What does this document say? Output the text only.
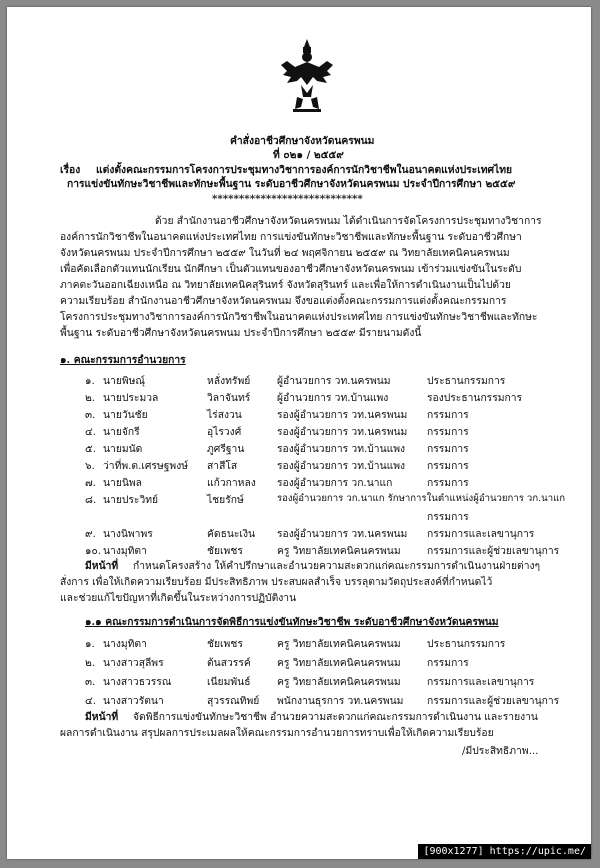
คำสั่งอาชีวศึกษาจังหวัดนครพนม
ที่ ๐๒๑ / ๒๕๕๙
เรื่อง แต่งตั้งคณะกรรมการโครงการประชุมทางวิชาการองค์การนักวิชาชีพในอนาคตแห่งประเทศไทย
การแข่งขันทักษะวิชาชีพและทักษะพื้นฐาน ระดับอาชีวศึกษาจังหวัดนครพนม ประจำปีการศึกษา ๒๕๕๙
****************************
ด้วย สำนักงานอาชีวศึกษาจังหวัดนครพนม ได้ดำเนินการจัดโครงการประชุมทางวิชาการ
องค์การนักวิชาชีพในอนาคตแห่งประเทศไทย การแข่งขันทักษะวิชาชีพและทักษะพื้นฐาน ระดับอาชีวศึกษา
จังหวัดนครพนม ประจำปีการศึกษา ๒๕๕๙ ในวันที่ ๒๔ พฤศจิกายน ๒๕๕๙ ณ วิทยาลัยเทคนิคนครพนม
เพื่อคัดเลือกตัวแทนนักเรียน นักศึกษา เป็นตัวแทนของอาชีวศึกษาจังหวัดนครพนม เข้าร่วมแข่งขันในระดับ
ภาคตะวันออกเฉียงเหนือ ณ วิทยาลัยเทคนิคสุรินทร์ จังหวัดสุรินทร์ และเพื่อให้การดำเนินงานเป็นไปด้วย
ความเรียบร้อย สำนักงานอาชีวศึกษาจังหวัดนครพนม จึงขอแต่งตั้งคณะกรรมการแต่งตั้งคณะกรรมการ
โครงการประชุมทางวิชาการองค์การนักวิชาชีพในอนาคตแห่งประเทศไทย การแข่งขันทักษะวิชาชีพและทักษะ
พื้นฐาน ระดับอาชีวศึกษาจังหวัดนครพนม ประจำปีการศึกษา ๒๕๕๙ มีรายนามดังนี้
๑. คณะกรรมการอำนวยการ
๑. นายพิษณุ์	หลั่งทรัพย์	ผู้อำนวยการ วท.นครพนม	ประธานกรรมการ
๒. นายประมวล	วิลาจันทร์	ผู้อำนวยการ วท.บ้านแพง	รองประธานกรรมการ
๓. นายวันชัย	ไร่สงวน	รองผู้อำนวยการ วท.นครพนม กรรมการ
๔. นายจักรี	อุไรวงศ์	รองผู้อำนวยการ วท.นครพนม กรรมการ
๕. นายมนัด	ภูศรีฐาน	รองผู้อำนวยการ วท.บ้านแพง กรรมการ
๖. ว่าที่พ.ต.เศรษฐพงษ์ สาสีโส	รองผู้อำนวยการ วท.บ้านแพง กรรมการ
๗. นายนิพล	แก้วกาหลง รองผู้อำนวยการ วก.นาแก	กรรมการ
๘. นายประวิทย์	ไชยรักษ์	รองผู้อำนวยการ วก.นาแก รักษาการในตำแหน่งผู้อำนวยการ วก.นาแก
กรรมการ
๙. นางนิพาพร	คัดธนะเงิน รองผู้อำนวยการ วท.นครพนม กรรมการและเลขานุการ
๑๐. นางมุทิตา	ชัยเพชร	ครู วิทยาลัยเทคนิคนครพนม	กรรมการและผู้ช่วยเลขานุการ
มีหน้าที่ กำหนดโครงสร้าง ให้คำปรึกษาและอำนวยความสะดวกแก่คณะกรรมการดำเนินงานฝ่ายต่างๆ
สั่งการ เพื่อให้เกิดความเรียบร้อย มีประสิทธิภาพ ประสบผลสำเร็จ บรรลุตามวัตถุประสงค์ที่กำหนดไว้
และช่วยแก้ไขปัญหาที่เกิดขึ้นในระหว่างการปฏิบัติงาน
๑.๑ คณะกรรมการดำเนินการจัดพิธีการแข่งขันทักษะวิชาชีพ ระดับอาชีวศึกษาจังหวัดนครพนม
๑. นางมุทิตา	ชัยเพชร	ครู วิทยาลัยเทคนิคนครพนม	ประธานกรรมการ
๒. นางสาวสุลีพร	ต้นสวรรค์	ครู วิทยาลัยเทคนิคนครพนม	กรรมการ
๓. นางสาวธวรรณ	เนียมพันธ์	ครู วิทยาลัยเทคนิคนครพนม	กรรมการและเลขานุการ
๔. นางสาวรัตนา	สุวรรณทิพย์ พนักงานธุรการ วท.นครพนม กรรมการและผู้ช่วยเลขานุการ
มีหน้าที่ จัดพิธีการแข่งขันทักษะวิชาชีพ อำนวยความสะดวกแก่คณะกรรมการดำเนินงาน และรายงาน
ผลการดำเนินงาน สรุปผลการประเมลผลให้คณะกรรมการอำนวยการทราบเพื่อให้เกิดความเรียบร้อย
/มีประสิทธิภาพ...
[900x1277] https://upic.me/
